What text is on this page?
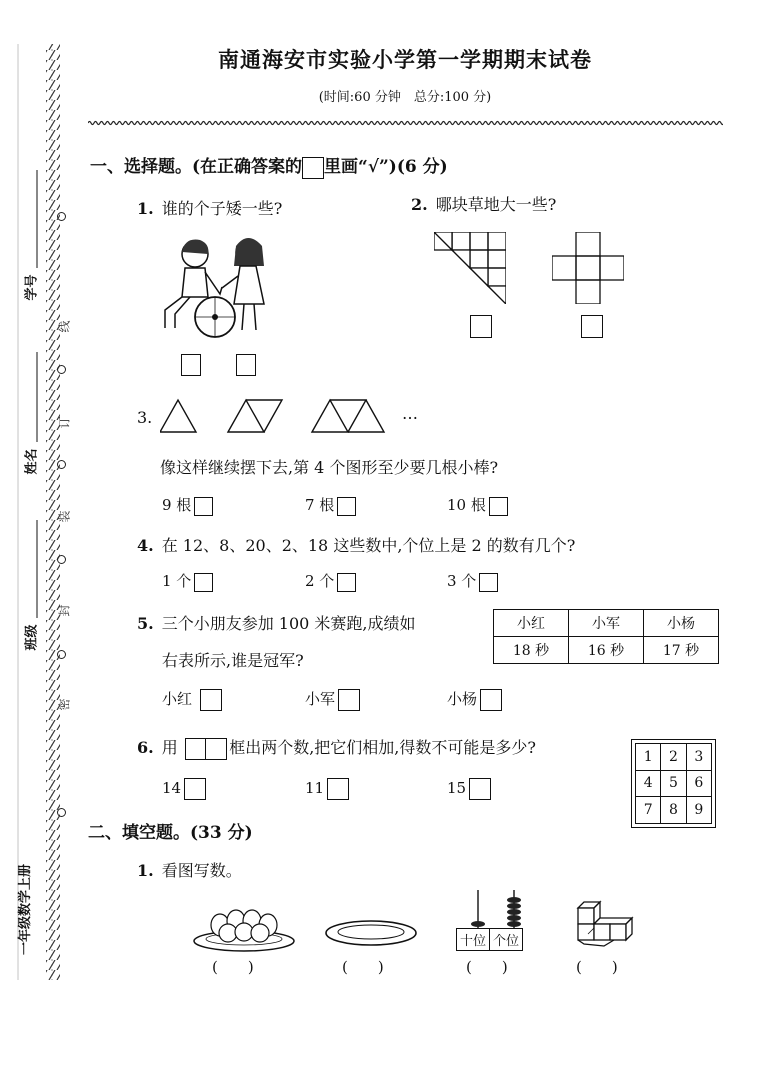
学号
姓名
班级
一年级数学上册
线
订
装
封
密
南通海安市实验小学第一学期期末试卷
(时间:60 分钟　总分:100 分)
一、选择题。(在正确答案的 里画“√”)(6 分)
1. 谁的个子矮一些?	2. 哪块草地大一些?
3.	…
像这样继续摆下去,第 4 个图形至少要几根小棒?
9 根	7 根	10 根
4. 在 12、8、20、2、18 这些数中,个位上是 2 的数有几个?
1 个	2 个	3 个
5. 三个小朋友参加 100 米赛跑,成绩如
右表所示,谁是冠军?
小红	小军	小杨
18 秒	16 秒	17 秒
小红	小军	小杨
6. 用	框出两个数,把它们相加,得数不可能是多少?
14	11	15
1	2	3
4	5	6
7	8	9
二、填空题。(33 分)
1. 看图写数。
(　　)	(　　)
十位 个位
(　　)	(　　)
